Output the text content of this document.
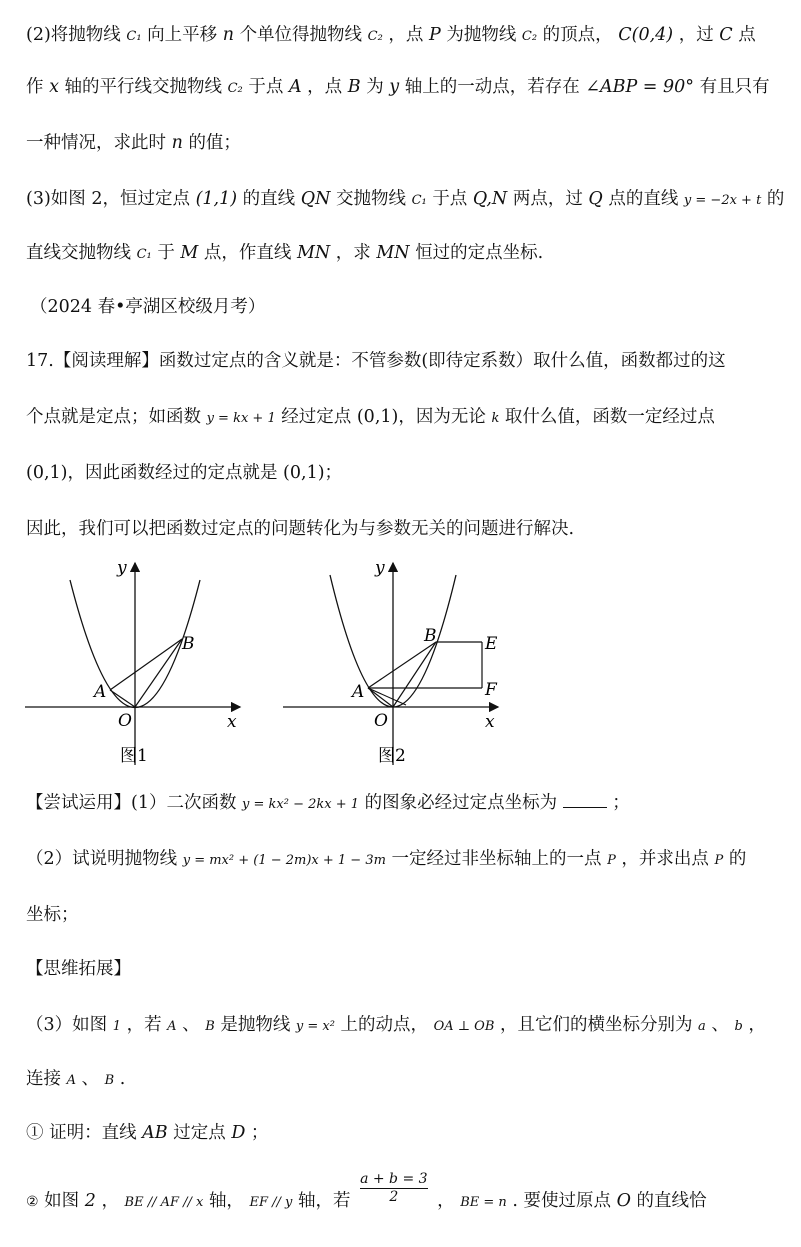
(2)将抛物线 C₁ 向上平移 n 个单位得抛物线 C₂ ，点 P 为抛物线 C₂ 的顶点， C(0,4) ，过 C 点
作 x 轴的平行线交抛物线 C₂ 于点 A ，点 B 为 y 轴上的一动点，若存在 ∠ABP = 90° 有且只有
一种情况，求此时 n 的值；
(3)如图 2，恒过定点 (1,1) 的直线 QN 交抛物线 C₁ 于点 Q,N 两点，过 Q 点的直线 y = −2x + t 的
直线交抛物线 C₁ 于 M 点，作直线 MN ，求 MN 恒过的定点坐标.
（2024 春•亭湖区校级月考）
17.【阅读理解】函数过定点的含义就是：不管参数(即待定系数）取什么值，函数都过的这
个点就是定点；如函数 y = kx + 1 经过定点 (0,1)，因为无论 k 取什么值，函数一定经过点
(0,1)，因此函数经过的定点就是 (0,1)；
因此，我们可以把函数过定点的问题转化为与参数无关的问题进行解决.
y
x
O
A
B
图1
y
x
O
A
B	E
F
图2
【尝试运用】(1）二次函数 y = kx² − 2kx + 1 的图象必经过定点坐标为	；
（2）试说明抛物线 y = mx² + (1 − 2m)x + 1 − 3m 一定经过非坐标轴上的一点 P ，并求出点 P 的
坐标；
【思维拓展】
（3）如图 1 ，若 A 、 B 是抛物线 y = x² 上的动点， OA ⊥ OB ，且它们的横坐标分别为 a 、 b ，
连接 A 、 B .
① 证明：直线 AB 过定点 D ；
② 如图 2 ， BE // AF // x 轴， EF // y 轴，若 $\frac{a + b = 3}{2}$ ， BE = n . 要使过原点 O 的直线恰
